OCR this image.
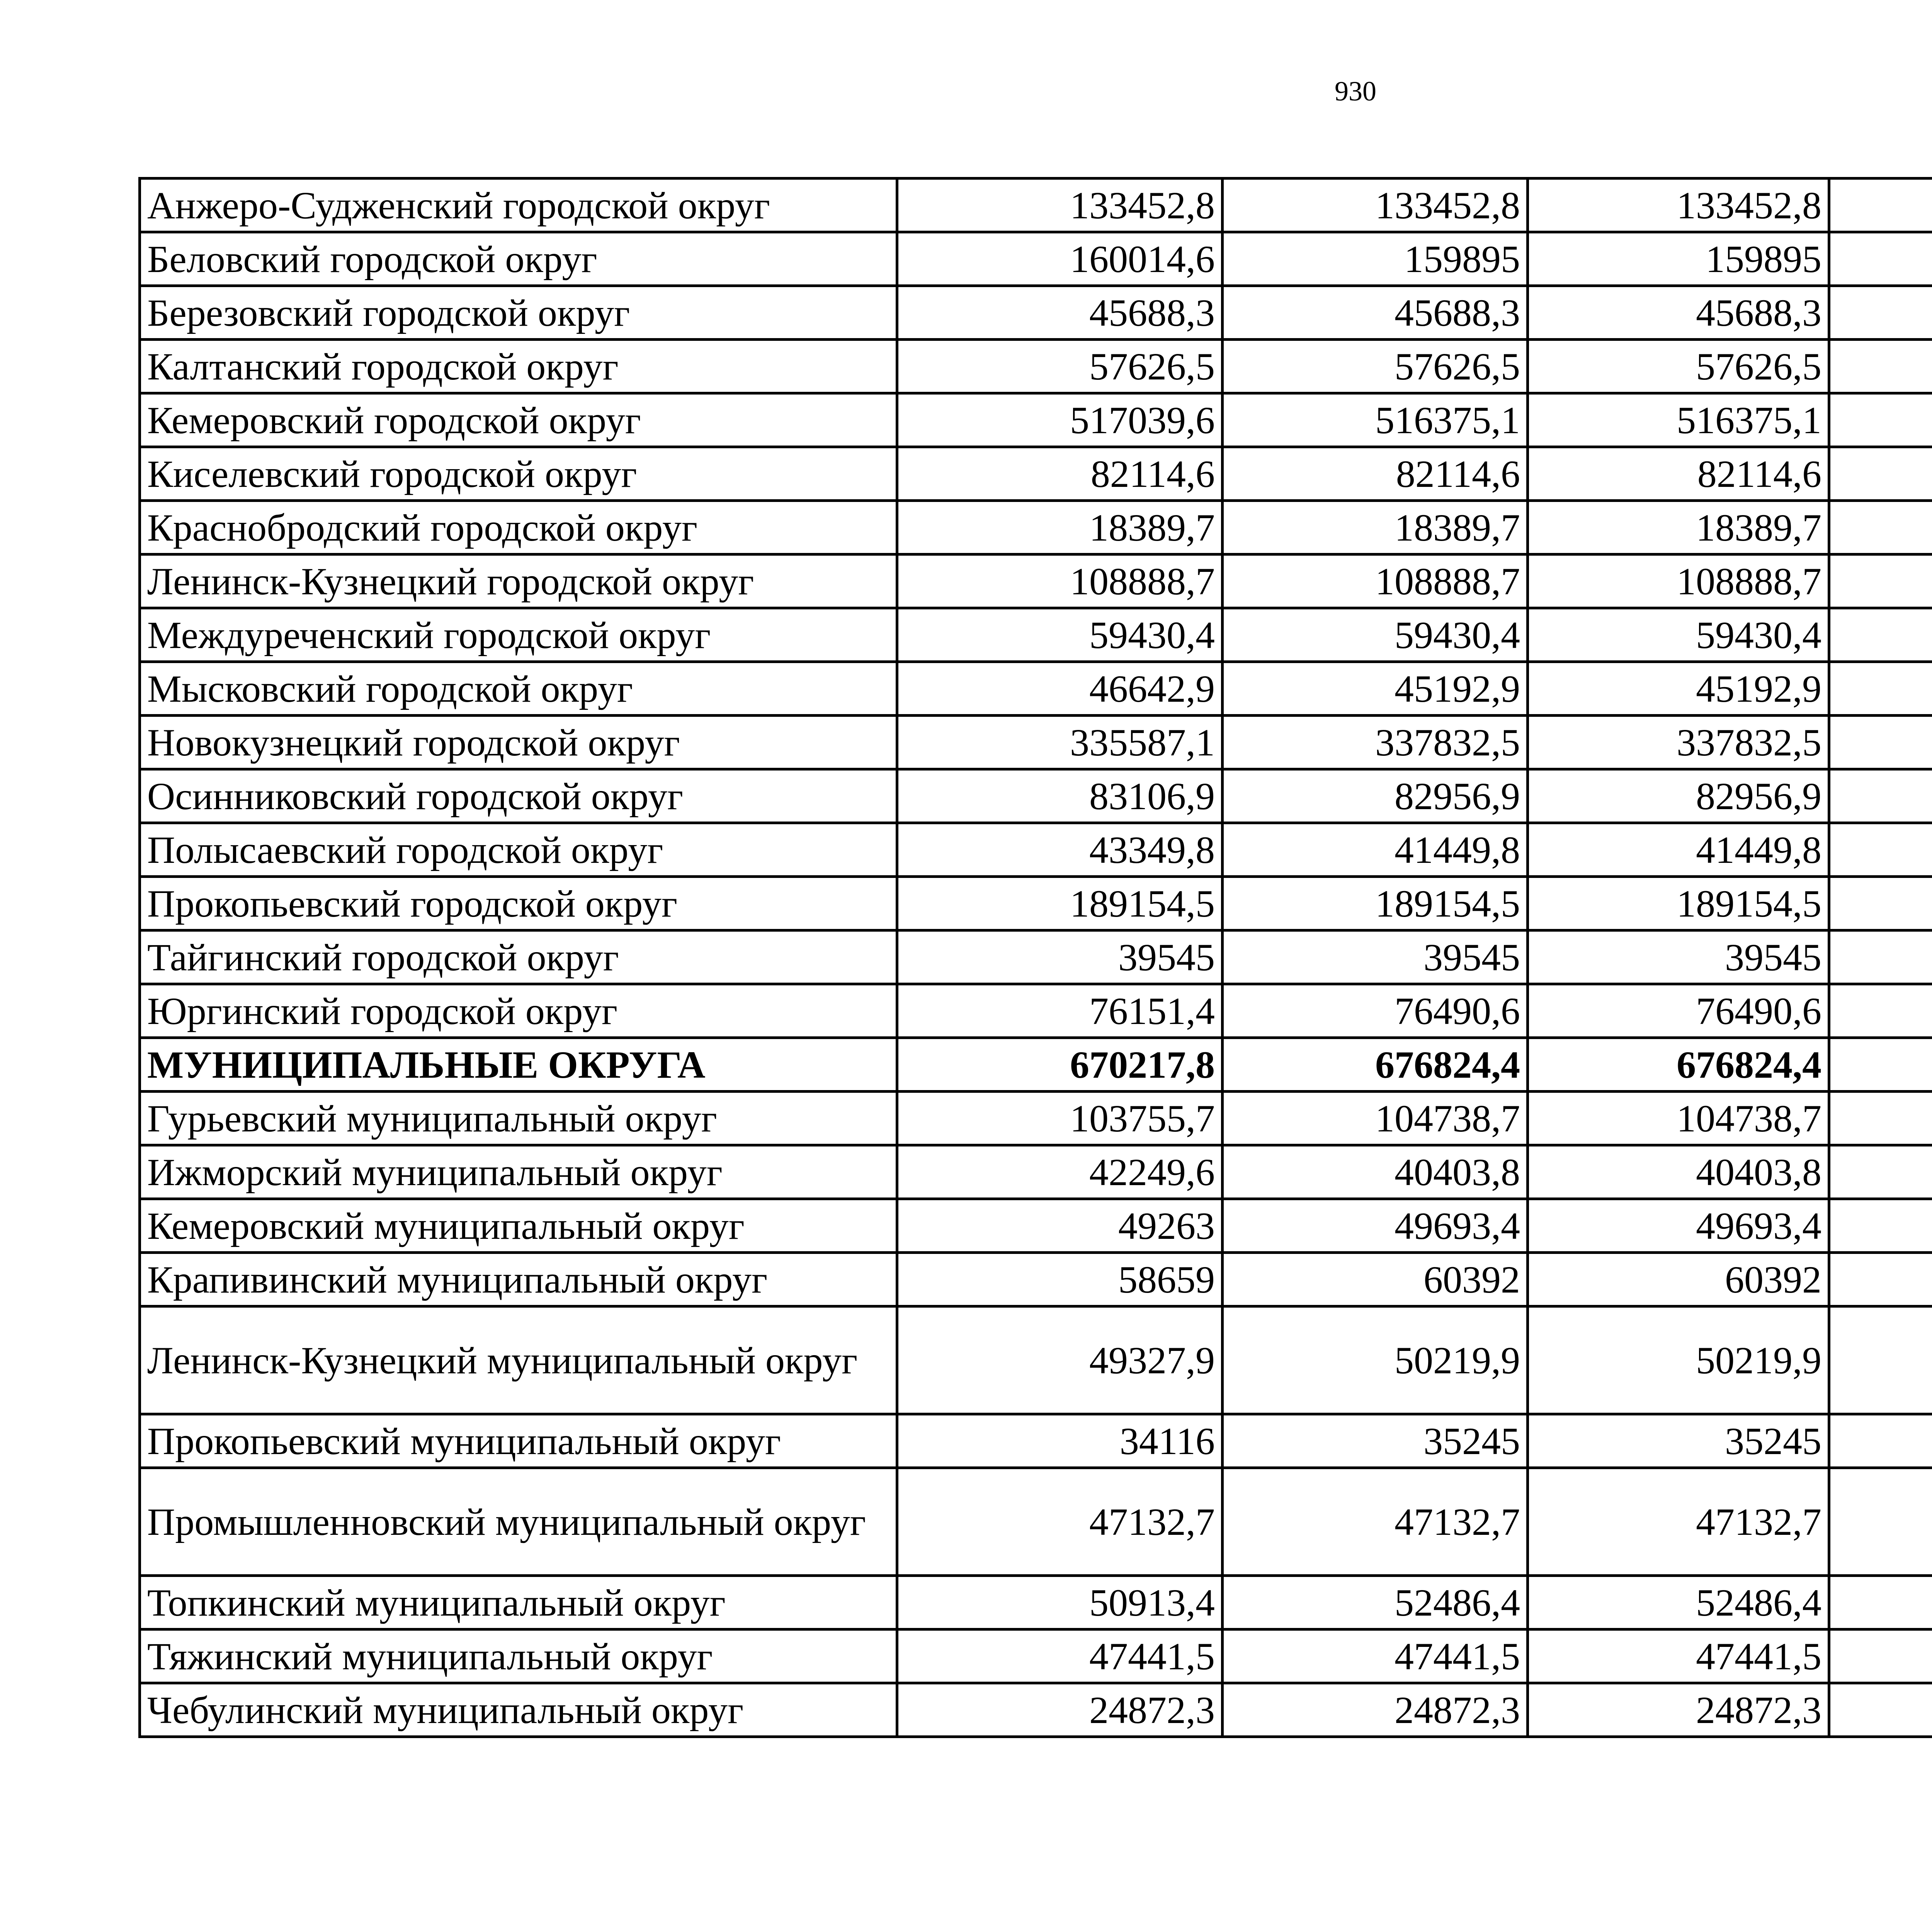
930
Анжеро-Судженский городской округ	133452,8	133452,8	133452,8			
Беловский городской округ	160014,6	159895	159895			
Березовский городской округ	45688,3	45688,3	45688,3			
Калтанский городской округ	57626,5	57626,5	57626,5			
Кемеровский городской округ	517039,6	516375,1	516375,1			
Киселевский городской округ	82114,6	82114,6	82114,6			
Краснобродский городской округ	18389,7	18389,7	18389,7			
Ленинск-Кузнецкий городской округ	108888,7	108888,7	108888,7			
Междуреченский городской округ	59430,4	59430,4	59430,4			
Мысковский городской округ	46642,9	45192,9	45192,9			
Новокузнецкий городской округ	335587,1	337832,5	337832,5			
Осинниковский городской округ	83106,9	82956,9	82956,9			
Полысаевский городской округ	43349,8	41449,8	41449,8			
Прокопьевский городской округ	189154,5	189154,5	189154,5			
Тайгинский городской округ	39545	39545	39545			
Юргинский городской округ	76151,4	76490,6	76490,6			
МУНИЦИПАЛЬНЫЕ ОКРУГА	670217,8	676824,4	676824,4			
Гурьевский муниципальный округ	103755,7	104738,7	104738,7			
Ижморский муниципальный округ	42249,6	40403,8	40403,8			
Кемеровский муниципальный округ	49263	49693,4	49693,4			
Крапивинский муниципальный округ	58659	60392	60392			
Ленинск-Кузнецкий муниципальный округ	49327,9	50219,9	50219,9			
Прокопьевский муниципальный округ	34116	35245	35245			
Промышленновский муниципальный округ	47132,7	47132,7	47132,7			
Топкинский муниципальный округ	50913,4	52486,4	52486,4			
Тяжинский муниципальный округ	47441,5	47441,5	47441,5			
Чебулинский муниципальный округ	24872,3	24872,3	24872,3			
